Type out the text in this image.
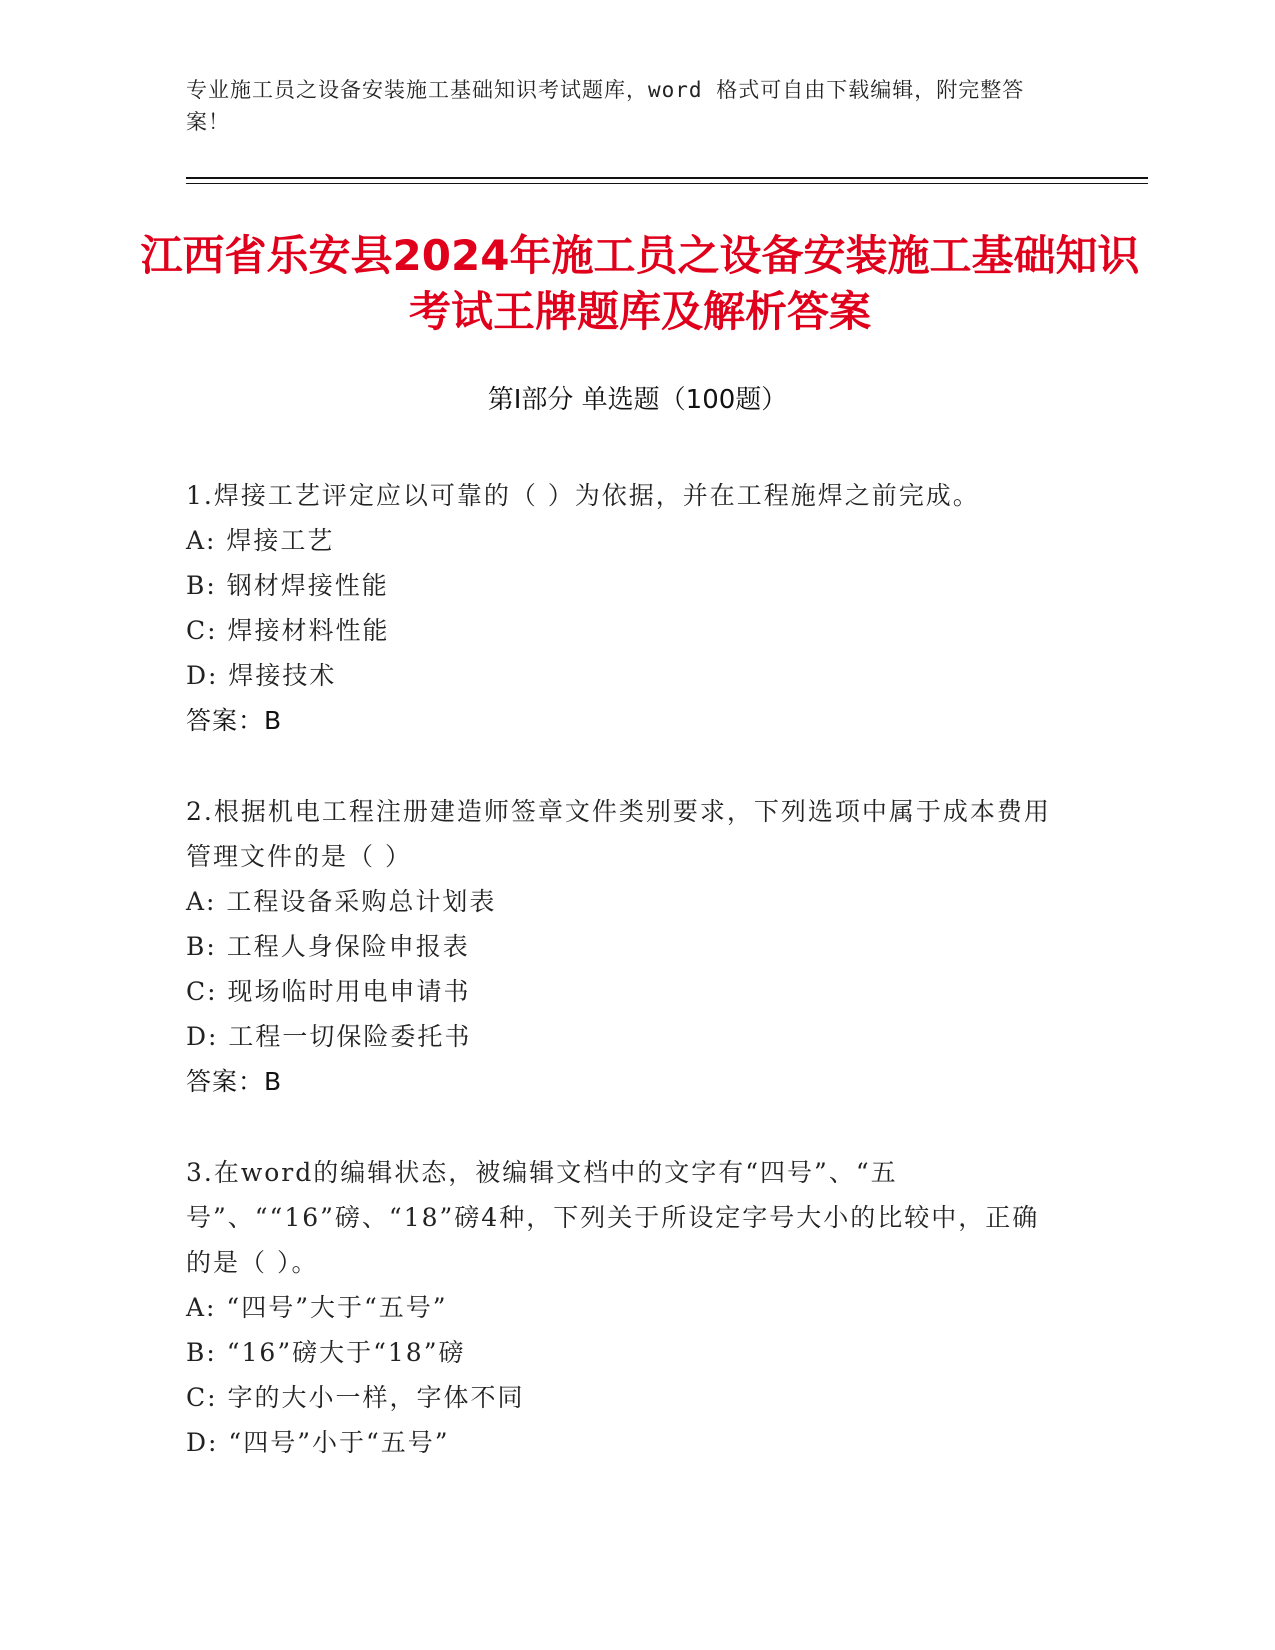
专业施工员之设备安装施工基础知识考试题库，word 格式可自由下载编辑，附完整答案！
江西省乐安县2024年施工员之设备安装施工基础知识考试王牌题库及解析答案
第Ⅰ部分 单选题（100题）
1.焊接工艺评定应以可靠的（ ）为依据，并在工程施焊之前完成。
A: 焊接工艺
B: 钢材焊接性能
C: 焊接材料性能
D: 焊接技术
答案：B
2.根据机电工程注册建造师签章文件类别要求，下列选项中属于成本费用管理文件的是（ ）
A: 工程设备采购总计划表
B: 工程人身保险申报表
C: 现场临时用电申请书
D: 工程一切保险委托书
答案：B
3.在word的编辑状态，被编辑文档中的文字有“四号”、“五号”、““16”磅、“18”磅4种，下列关于所设定字号大小的比较中，正确的是（ ）。
A: “四号”大于“五号”
B: “16”磅大于“18”磅
C: 字的大小一样，字体不同
D: “四号”小于“五号”
